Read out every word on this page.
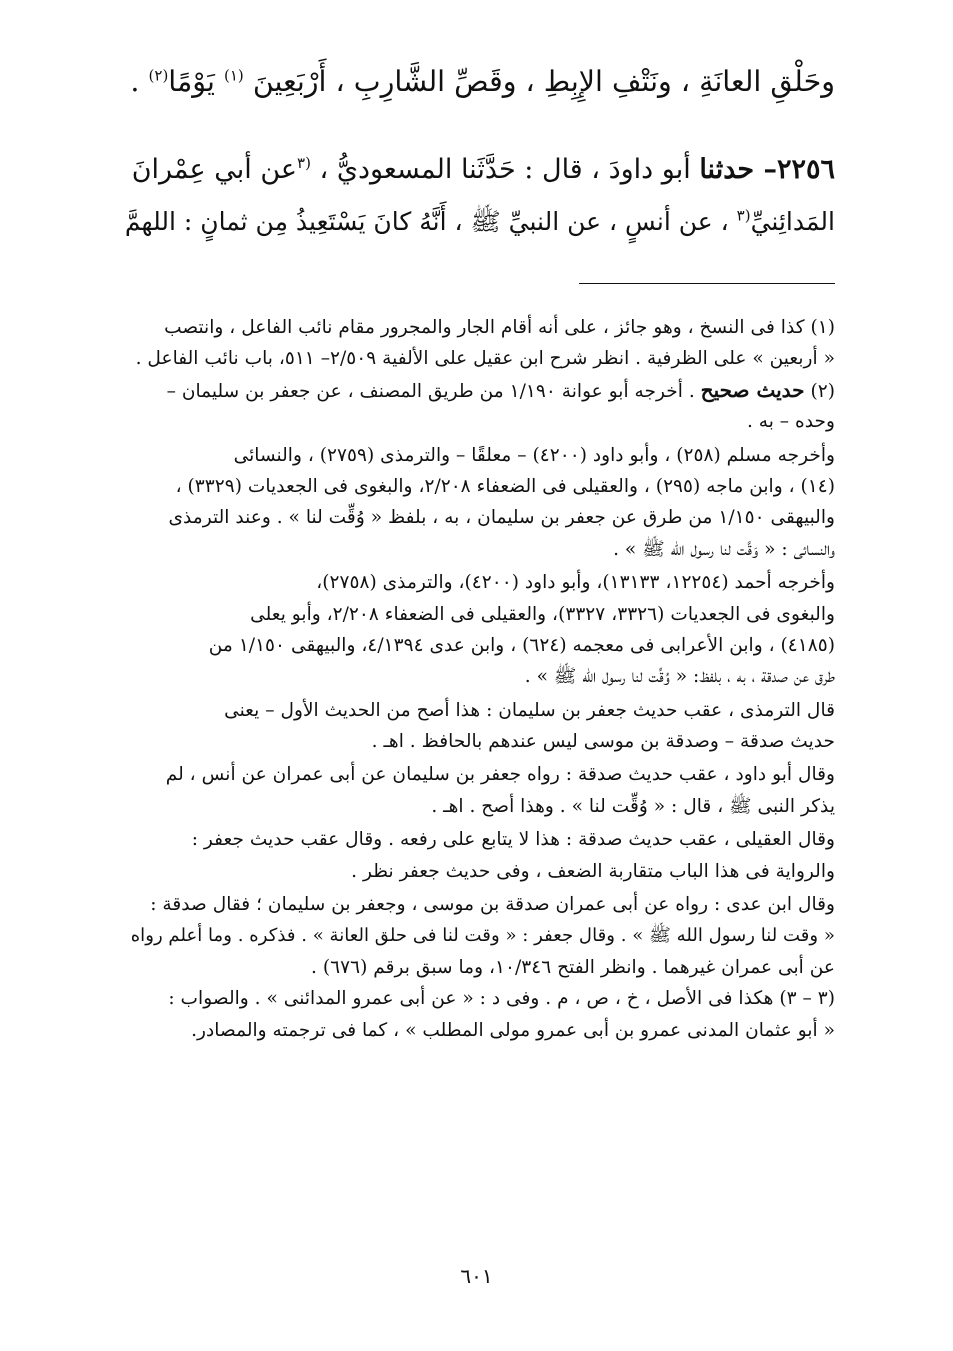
وحَلْقِ العانَةِ ، ونَتْفِ الإِبِطِ ، وقَصِّ الشَّارِبِ ، أَرْبَعِينَ $^{(١)}$ يَوْمًا$^{(٢)}$ .
٢٢٥٦– حدثنا أبو داودَ ، قال : حَدَّثَنا المسعوديُّ ، $^{(٣}$عن أبي عِمْرانَ
المَدائِنيِّ$^{(٣}$ ، عن أنسٍ ، عن النبيِّ ﷺ ، أَنَّهُ كانَ يَسْتَعِيذُ مِن ثمانٍ : اللهمَّ

(١) كذا فى النسخ ، وهو جائز ، على أنه أقام الجار والمجرور مقام نائب الفاعل ، وانتصب
« أربعين » على الظرفية . انظر شرح ابن عقيل على الألفية ٢/٥٠٩– ٥١١، باب نائب الفاعل .

(٢) حديث صحيح . أخرجه أبو عوانة ١/١٩٠ من طريق المصنف ، عن جعفر بن سليمان –
وحده – به .

وأخرجه مسلم (٢٥٨) ، وأبو داود (٤٢٠٠) – معلقًا – والترمذى (٢٧٥٩) ، والنسائى
(١٤) ، وابن ماجه (٢٩٥) ، والعقيلى فى الضعفاء ٢/٢٠٨، والبغوى فى الجعديات (٣٣٢٩) ،
والبيهقى ١/١٥٠ من طرق عن جعفر بن سليمان ، به ، بلفظ « وُقِّت لنا » . وعند الترمذى
والنسائى : « وَقَّت لنا رسول الله ﷺ » .

وأخرجه أحمد (١٢٢٥٤، ١٣١٣٣)، وأبو داود (٤٢٠٠)، والترمذى (٢٧٥٨)،
والبغوى فى الجعديات (٣٣٢٦، ٣٣٢٧)، والعقيلى فى الضعفاء ٢/٢٠٨، وأبو يعلى
(٤١٨٥) ، وابن الأعرابى فى معجمه (٦٢٤) ، وابن عدى ٤/١٣٩٤، والبيهقى ١/١٥٠ من
طرق عن صدقة ، به ، بلفظ: « وُقِّت لنا رسول الله ﷺ » .

قال الترمذى ، عقب حديث جعفر بن سليمان : هذا أصح من الحديث الأول – يعنى
حديث صدقة – وصدقة بن موسى ليس عندهم بالحافظ . اهـ .

وقال أبو داود ، عقب حديث صدقة : رواه جعفر بن سليمان عن أبى عمران عن أنس ، لم
يذكر النبى ﷺ ، قال : « وُقِّت لنا » . وهذا أصح . اهـ .

وقال العقيلى ، عقب حديث صدقة : هذا لا يتابع على رفعه . وقال عقب حديث جعفر :
والرواية فى هذا الباب متقاربة الضعف ، وفى حديث جعفر نظر .

وقال ابن عدى : رواه عن أبى عمران صدقة بن موسى ، وجعفر بن سليمان ؛ فقال صدقة :
« وقت لنا رسول الله ﷺ » . وقال جعفر : « وقت لنا فى حلق العانة » . فذكره . وما أعلم رواه
عن أبى عمران غيرهما . وانظر الفتح ١٠/٣٤٦، وما سبق برقم (٦٧٦) .

(٣ – ٣) هكذا فى الأصل ، خ ، ص ، م . وفى د : « عن أبى عمرو المدائنى » . والصواب :
« أبو عثمان المدنى عمرو بن أبى عمرو مولى المطلب » ، كما فى ترجمته والمصادر.

٦٠١
